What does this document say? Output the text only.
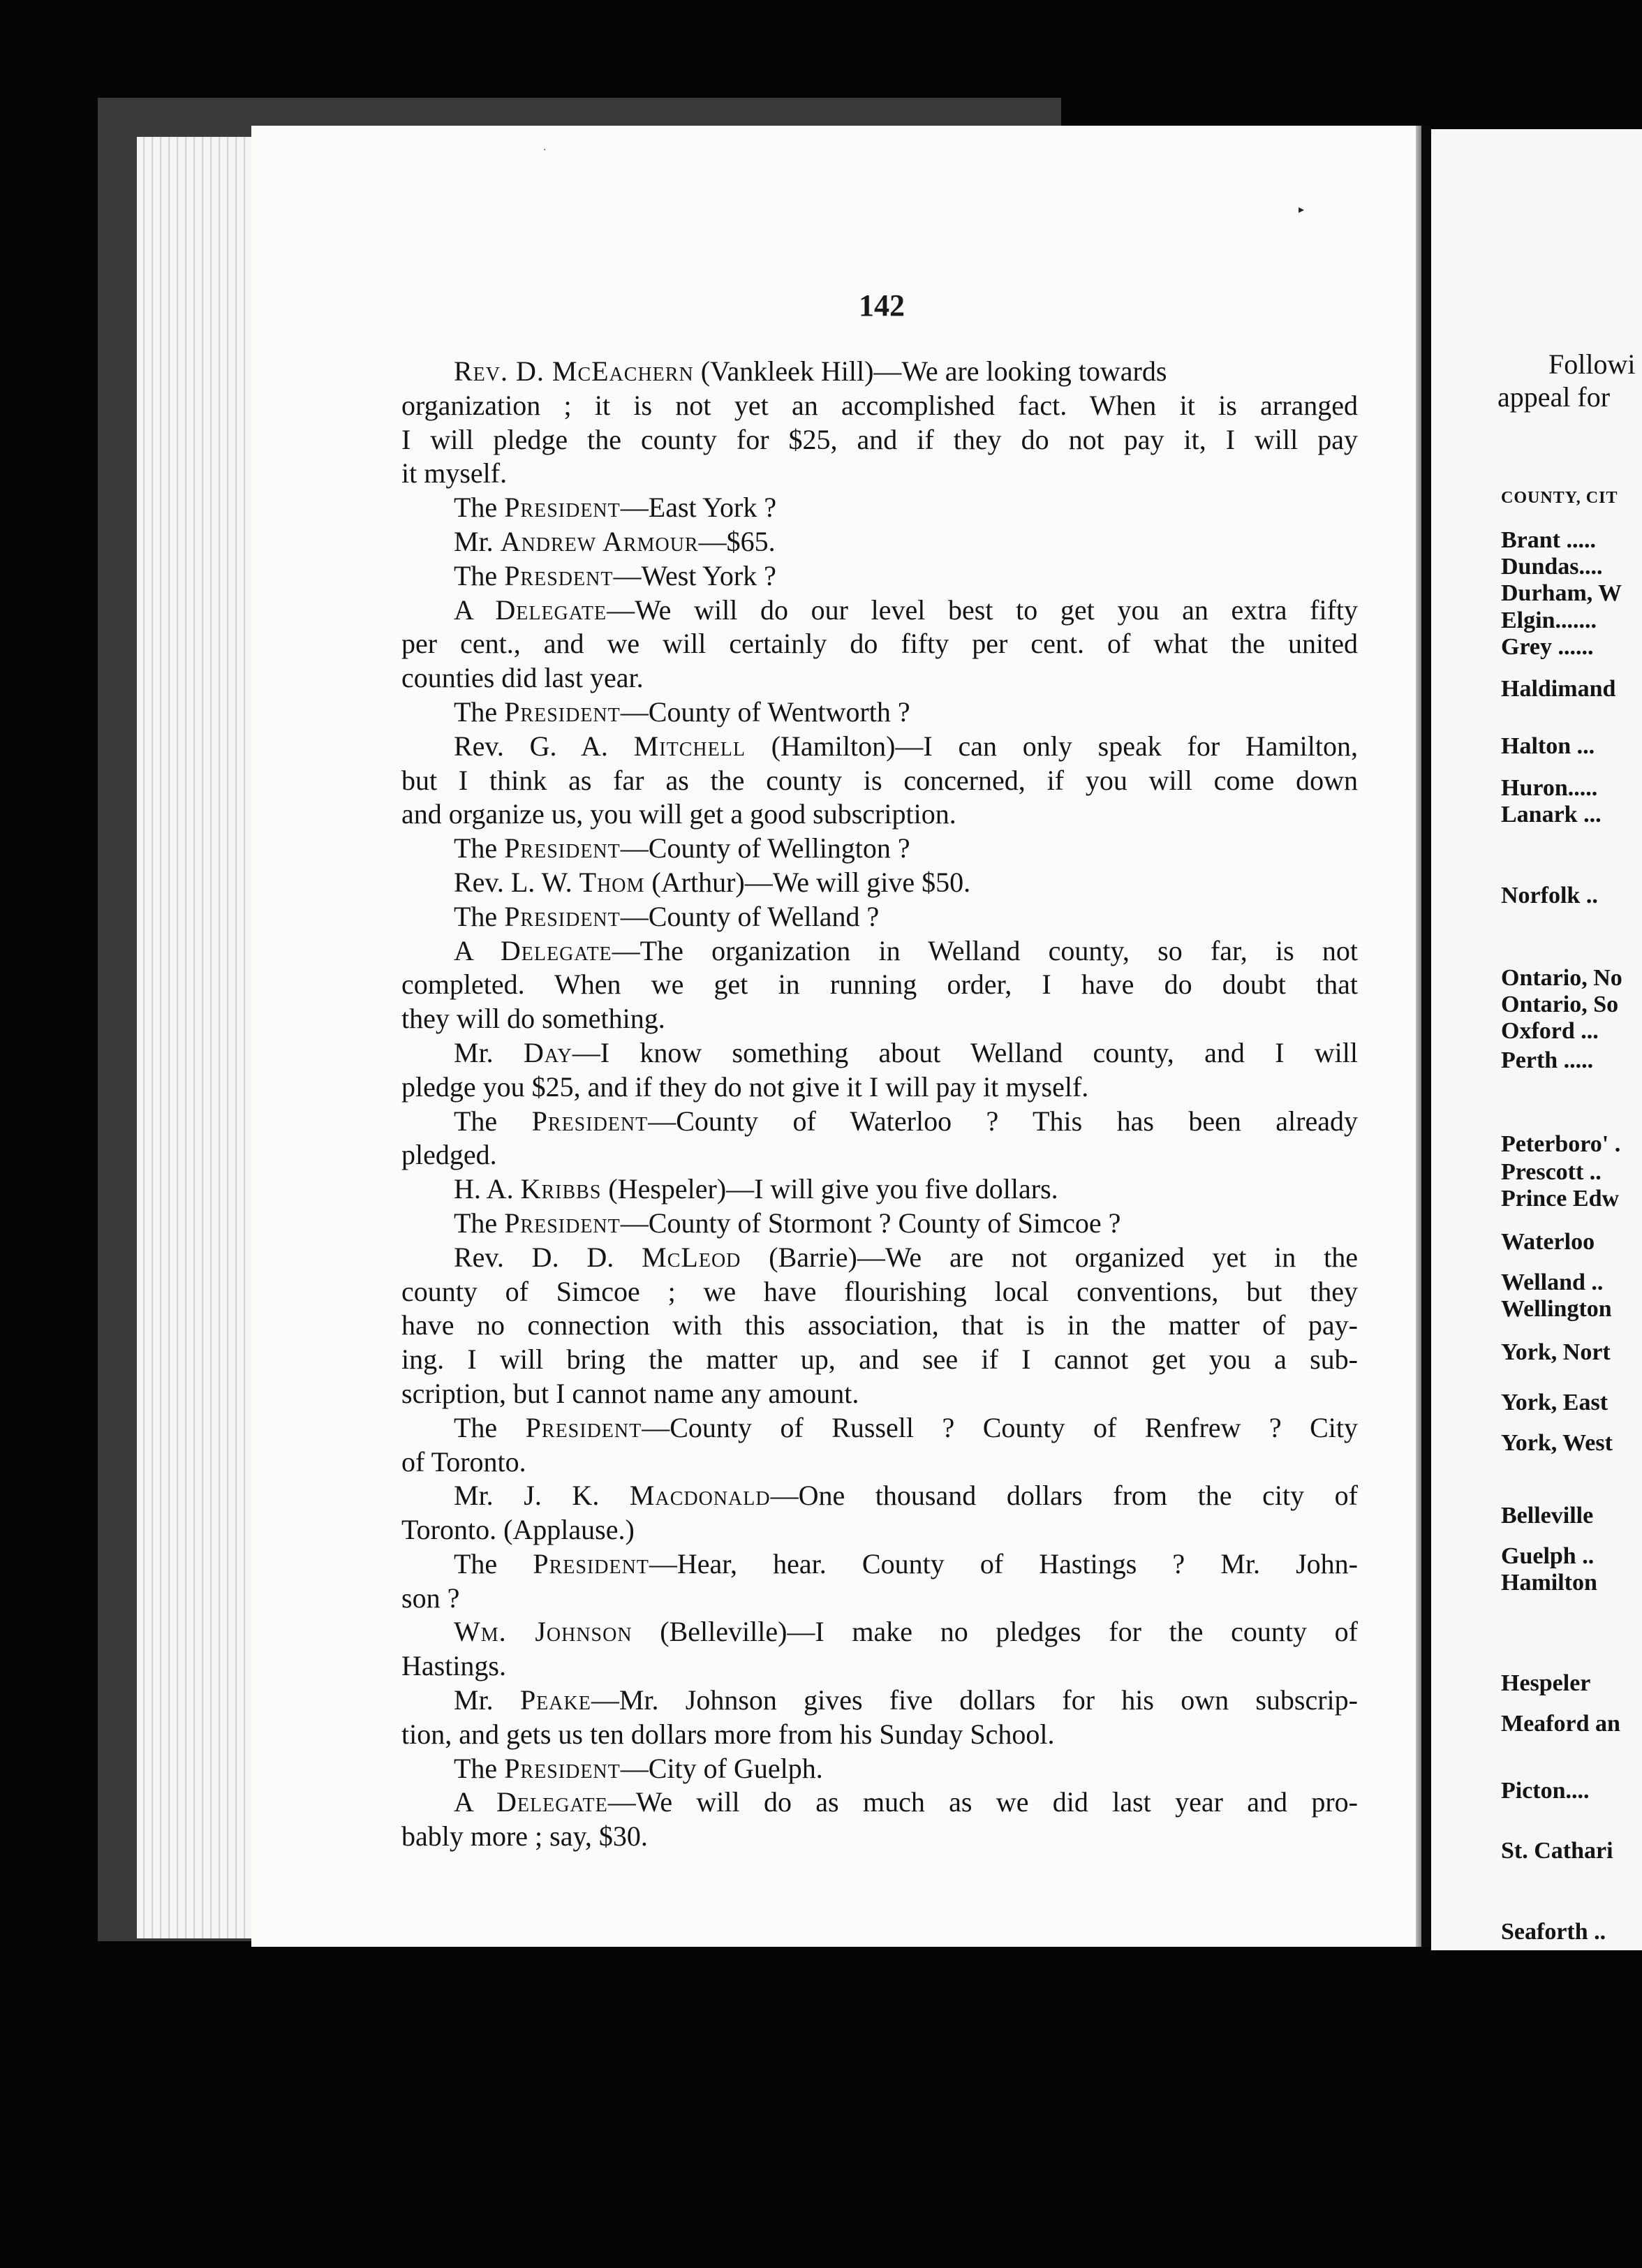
·
▸
142
Rev. D. McEachern (Vankleek Hill)—We are looking towards
organization ; it is not yet an accomplished fact. When it is arranged
I will pledge the county for $25, and if they do not pay it, I will pay
it myself.
The President—East York ?
Mr. Andrew Armour—$65.
The Presdent—West York ?
A Delegate—We will do our level best to get you an extra fifty
per cent., and we will certainly do fifty per cent. of what the united
counties did last year.
The President—County of Wentworth ?
Rev. G. A. Mitchell (Hamilton)—I can only speak for Hamilton,
but I think as far as the county is concerned, if you will come down
and organize us, you will get a good subscription.
The President—County of Wellington ?
Rev. L. W. Thom (Arthur)—We will give $50.
The President—County of Welland ?
A Delegate—The organization in Welland county, so far, is not
completed. When we get in running order, I have do doubt that
they will do something.
Mr. Day—I know something about Welland county, and I will
pledge you $25, and if they do not give it I will pay it myself.
The President—County of Waterloo ? This has been already
pledged.
H. A. Kribbs (Hespeler)—I will give you five dollars.
The President—County of Stormont ? County of Simcoe ?
Rev. D. D. McLeod (Barrie)—We are not organized yet in the
county of Simcoe ; we have flourishing local conventions, but they
have no connection with this association, that is in the matter of pay-
ing. I will bring the matter up, and see if I cannot get you a sub-
scription, but I cannot name any amount.
The President—County of Russell ? County of Renfrew ? City
of Toronto.
Mr. J. K. Macdonald—One thousand dollars from the city of
Toronto. (Applause.)
The President—Hear, hear. County of Hastings ? Mr. John-
son ?
Wm. Johnson (Belleville)—I make no pledges for the county of
Hastings.
Mr. Peake—Mr. Johnson gives five dollars for his own subscrip-
tion, and gets us ten dollars more from his Sunday School.
The President—City of Guelph.
A Delegate—We will do as much as we did last year and pro-
bably more ; say, $30.
Followi
appeal for
COUNTY, CIT
Brant .....
Dundas....
Durham, W
Elgin.......
Grey ......
Haldimand
Halton ...
Huron.....
Lanark ...
Norfolk ..
Ontario, No
Ontario, So
Oxford ...
Perth .....
Peterboro' .
Prescott ..
Prince Edw
Waterloo
Welland ..
Wellington
York, Nort
York, East
York, West
Belleville
Guelph ..
Hamilton
Hespeler
Meaford an
Picton....
St. Cathari
Seaforth ..
